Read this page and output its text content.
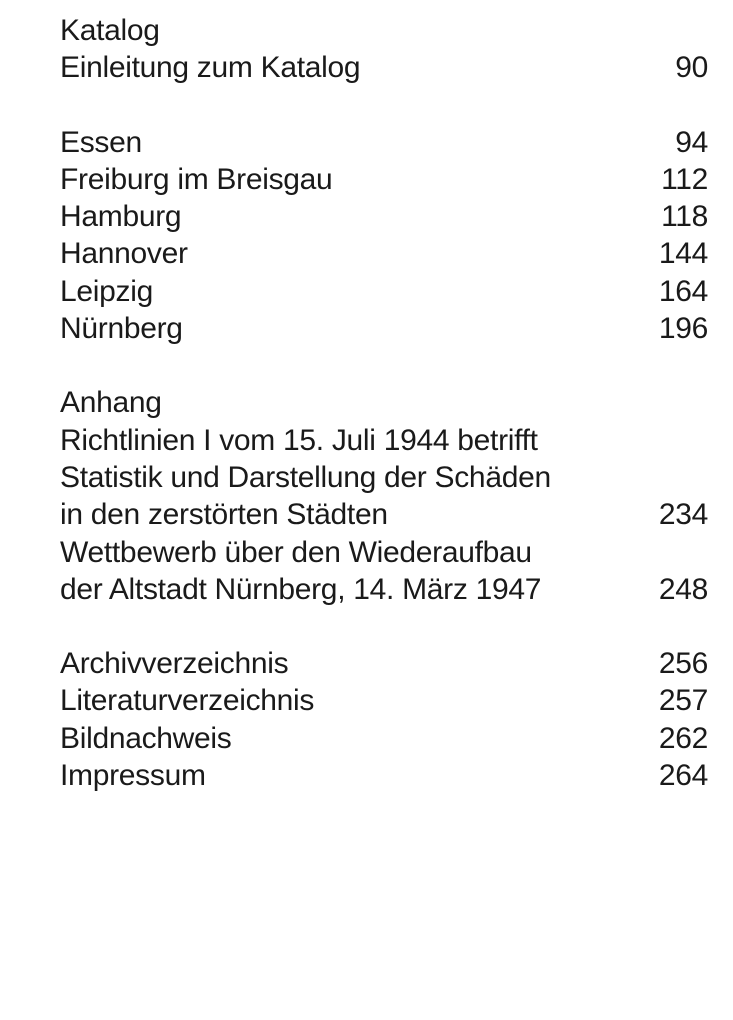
Katalog
Einleitung zum Katalog	90
Essen	94
Freiburg im Breisgau	112
Hamburg	118
Hannover	144
Leipzig	164
Nürnberg	196
Anhang
Richtlinien I vom 15. Juli 1944 betrifft
Statistik und Darstellung der Schäden
in den zerstörten Städten	234
Wettbewerb über den Wiederaufbau
der Altstadt Nürnberg, 14. März 1947	248
Archivverzeichnis	256
Literaturverzeichnis	257
Bildnachweis	262
Impressum	264
